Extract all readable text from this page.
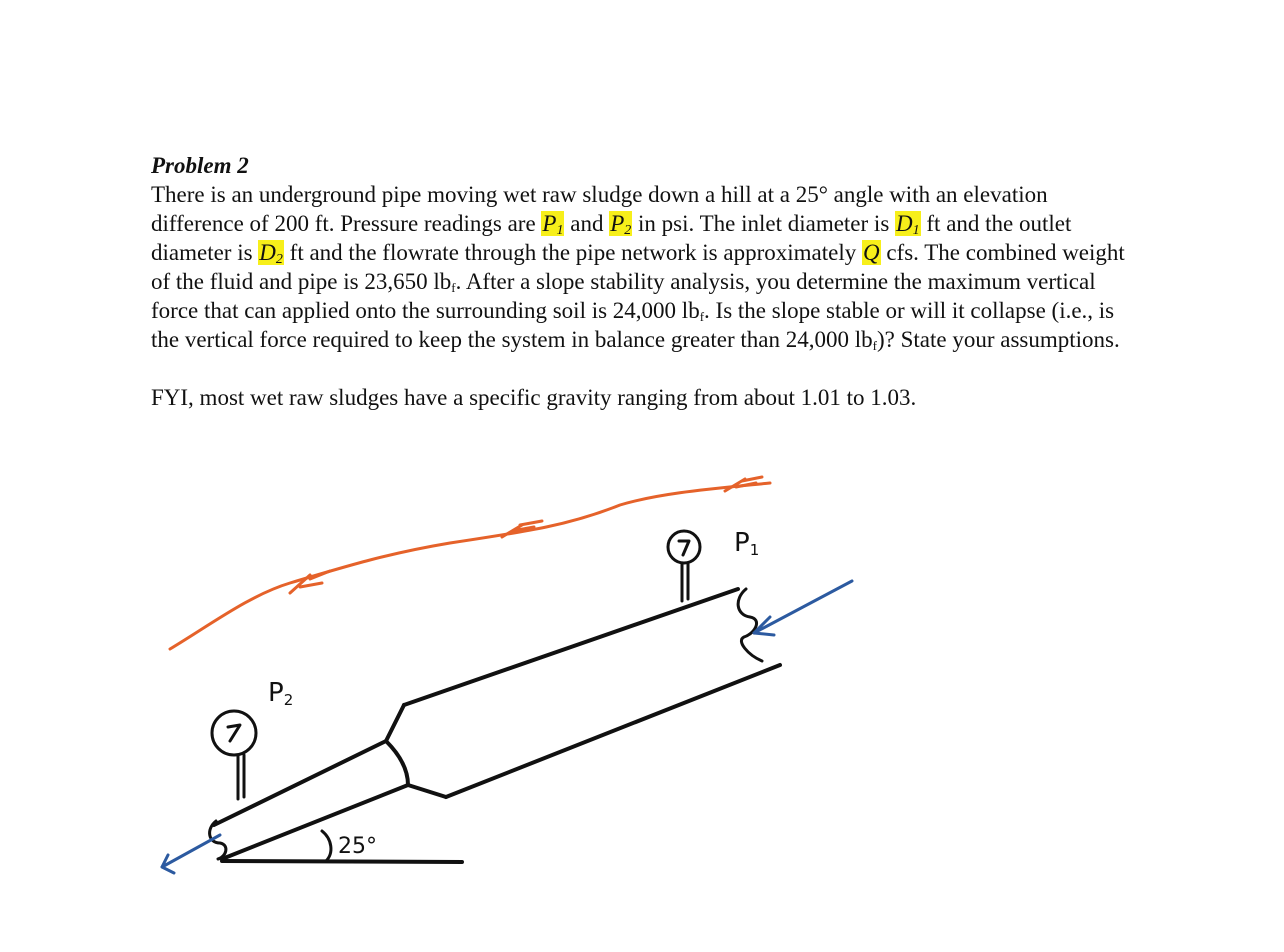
Problem 2
There is an underground pipe moving wet raw sludge down a hill at a 25° angle with an elevation difference of 200 ft. Pressure readings are $P_1$ and $P_2$ in psi. The inlet diameter is $D_1$ ft and the outlet diameter is $D_2$ ft and the flowrate through the pipe network is approximately Q cfs. The combined weight of the fluid and pipe is 23,650 $lb_f$. After a slope stability analysis, you determine the maximum vertical force that can applied onto the surrounding soil is 24,000 $lb_f$. Is the slope stable or will it collapse (i.e., is the vertical force required to keep the system in balance greater than 24,000 $lb_f$)? State your assumptions.
FYI, most wet raw sludges have a specific gravity ranging from about 1.01 to 1.03.
25°
P1
P2
